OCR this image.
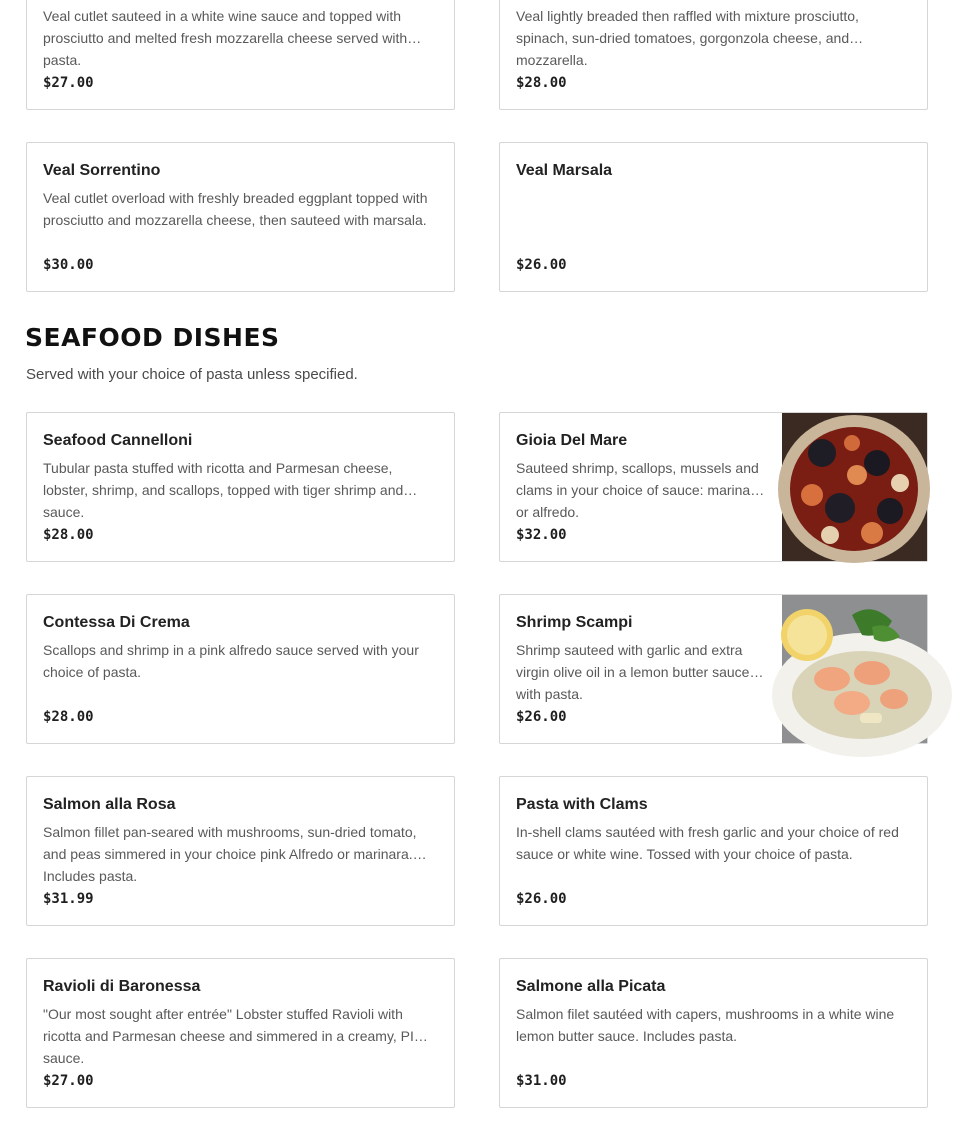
Veal cutlet sauteed in a white wine sauce and topped with prosciutto and melted fresh mozzarella cheese served with pasta.
$27.00
Veal lightly breaded then raffled with mixture prosciutto, spinach, sun-dried tomatoes, gorgonzola cheese, and mozzarella.
$28.00
Veal Sorrentino
Veal cutlet overload with freshly breaded eggplant topped with prosciutto and mozzarella cheese, then sauteed with marsala.
$30.00
Veal Marsala
$26.00
SEAFOOD DISHES

Served with your choice of pasta unless specified.

Seafood Cannelloni
Tubular pasta stuffed with ricotta and Parmesan cheese, lobster, shrimp, and scallops, topped with tiger shrimp and sauce.
$28.00
Gioia Del Mare
Sauteed shrimp, scallops, mussels and clams in your choice of sauce: marinara or alfredo.
$32.00
Contessa Di Crema
Scallops and shrimp in a pink alfredo sauce served with your choice of pasta.
$28.00
Shrimp Scampi
Shrimp sauteed with garlic and extra virgin olive oil in a lemon butter sauce with pasta.
$26.00
Salmon alla Rosa
Salmon fillet pan-seared with mushrooms, sun-dried tomato, and peas simmered in your choice pink Alfredo or marinara. Includes pasta.
$31.99
Pasta with Clams
In-shell clams sautéed with fresh garlic and your choice of red sauce or white wine. Tossed with your choice of pasta.
$26.00
Ravioli di Baronessa
"Our most sought after entrée" Lobster stuffed Ravioli with ricotta and Parmesan cheese and simmered in a creamy, PINK sauce.
$27.00
Salmone alla Picata
Salmon filet sautéed with capers, mushrooms in a white wine lemon butter sauce. Includes pasta.
$31.00
